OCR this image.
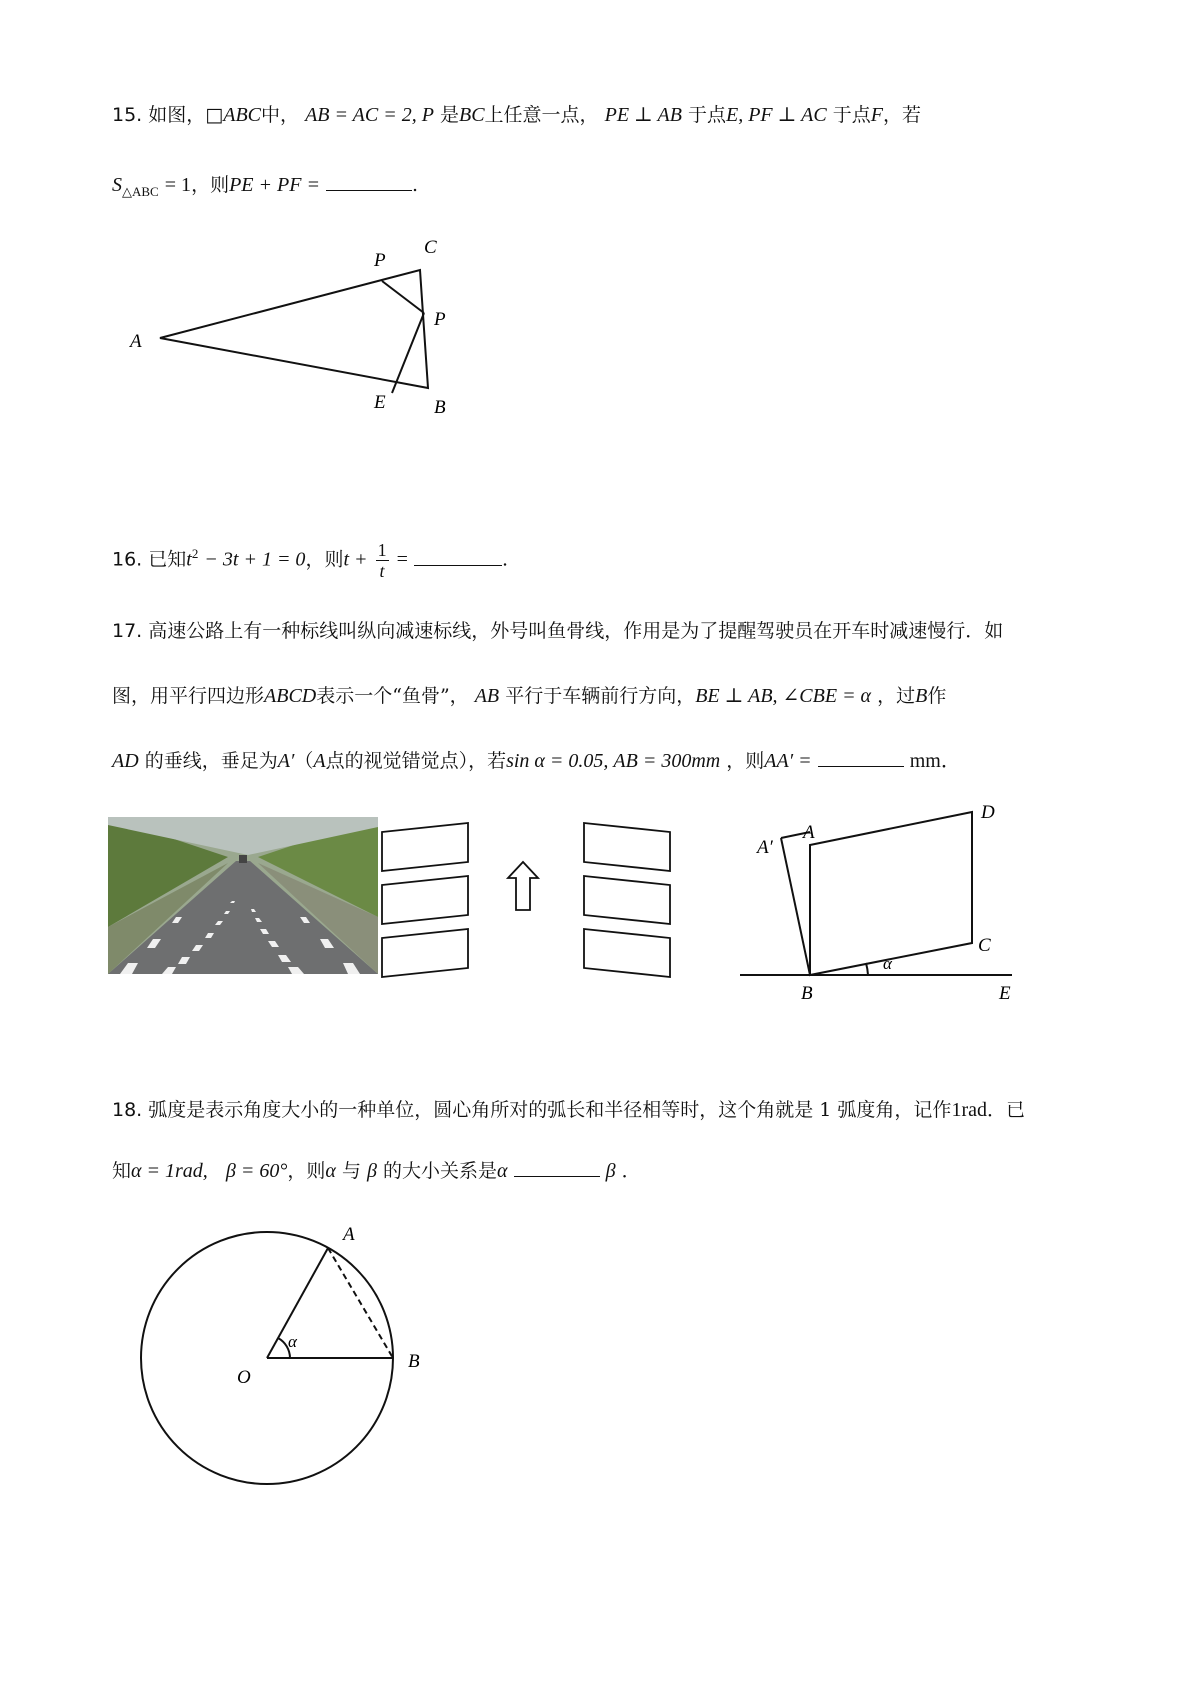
15. 如图，□ABC中， AB = AC = 2, P 是BC上任意一点， PE ⊥ AB 于点E, PF ⊥ AC 于点F，若
$S_{\triangle ABC} = 1$，则PE + PF =	.
A
P
C
P
E	B
16. 已知$t^2 - 3t + 1 = 0$，则$t + \frac{1}{t}$ =	.
17. 高速公路上有一种标线叫纵向减速标线，外号叫鱼骨线，作用是为了提醒驾驶员在开车时减速慢行．如
图，用平行四边形ABCD表示一个“鱼骨”， AB 平行于车辆前行方向，BE ⊥ AB, ∠CBE = α ，过B作
AD 的垂线，垂足为A′（A点的视觉错觉点），若sin α = 0.05, AB = 300mm ，则AA′ =	mm．
A′
A
D
C
α
B	E
18. 弧度是表示角度大小的一种单位，圆心角所对的弧长和半径相等时，这个角就是 1 弧度角，记作1rad．已
知α = 1rad, β = 60°，则α 与 β 的大小关系是α	β ．
A
α
O
B
